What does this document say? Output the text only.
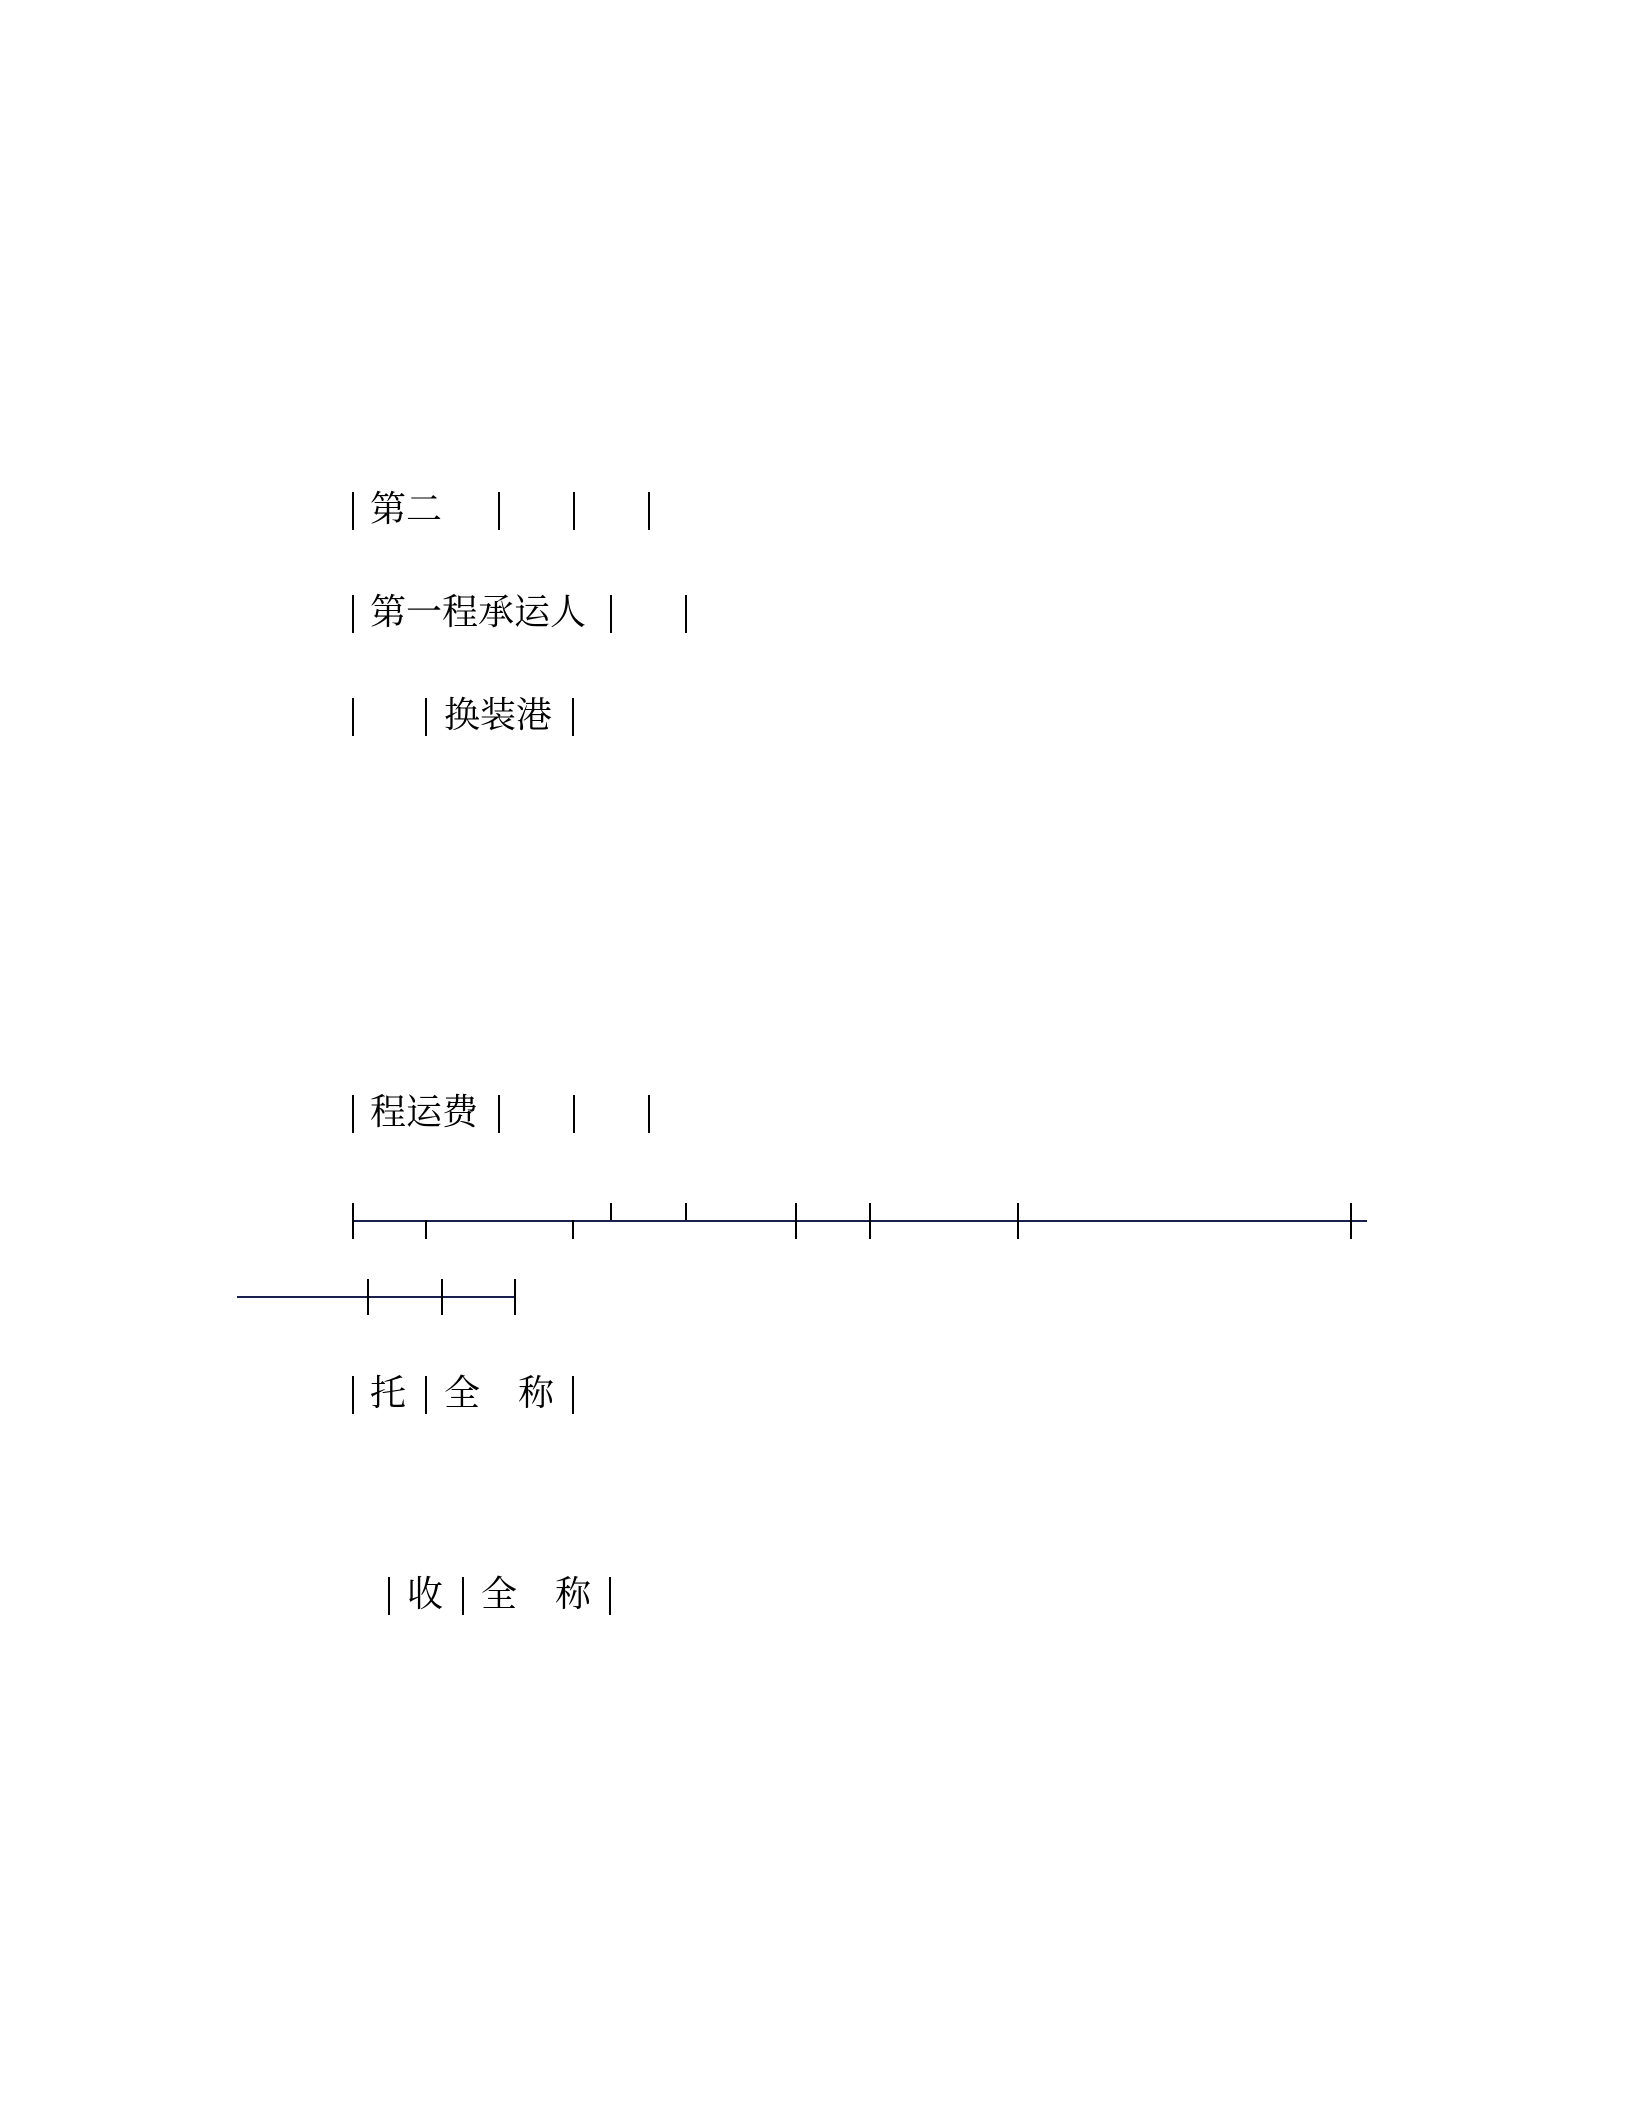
第二
第一程承运人
换装港
程运费
托 全 称
收 全 称
